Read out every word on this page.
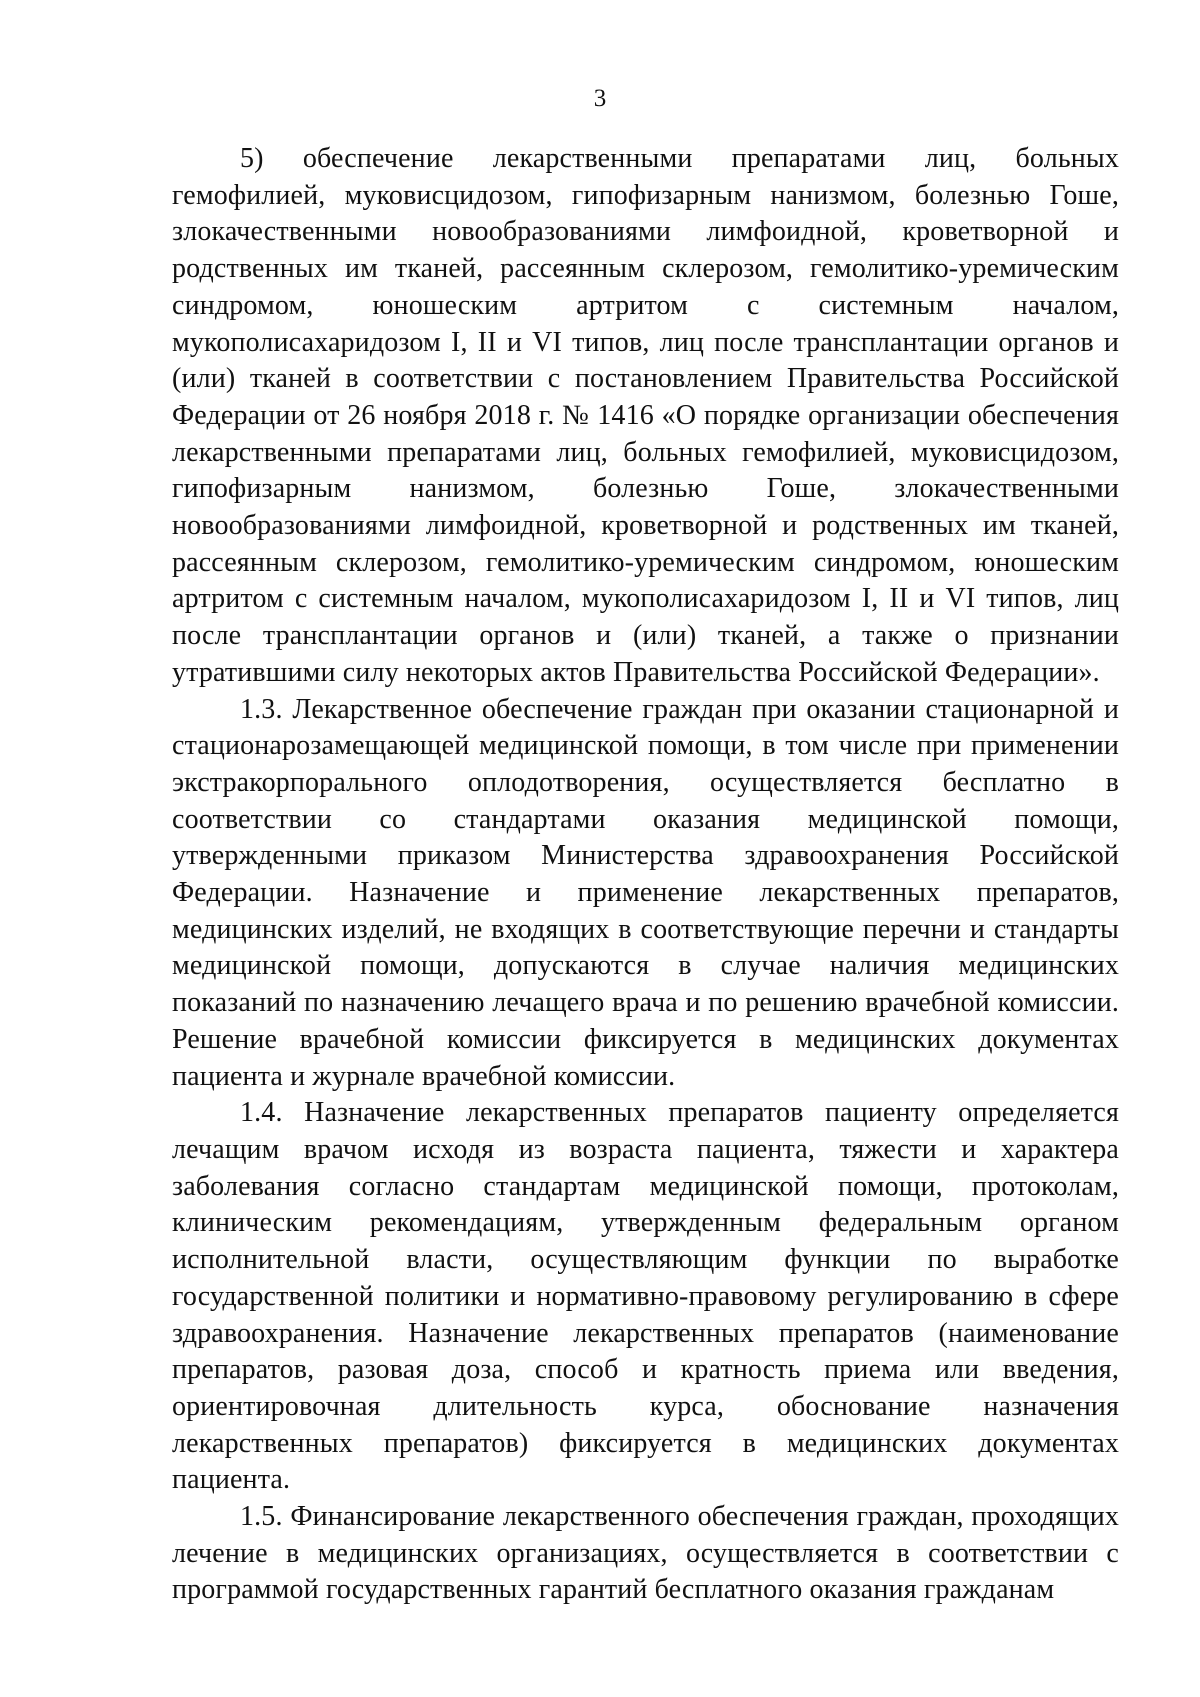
3

5) обеспечение лекарственными препаратами лиц, больных гемофилией, муковисцидозом, гипофизарным нанизмом, болезнью Гоше, злокачественными новообразованиями лимфоидной, кроветворной и родственных им тканей, рассеянным склерозом, гемолитико-уремическим синдромом, юношеским артритом с системным началом, мукополисахаридозом I, II и VI типов, лиц после трансплантации органов и (или) тканей в соответствии с постановлением Правительства Российской Федерации от 26 ноября 2018 г. № 1416 «О порядке организации обеспечения лекарственными препаратами лиц, больных гемофилией, муковисцидозом, гипофизарным нанизмом, болезнью Гоше, злокачественными новообразованиями лимфоидной, кроветворной и родственных им тканей, рассеянным склерозом, гемолитико-уремическим синдромом, юношеским артритом с системным началом, мукополисахаридозом I, II и VI типов, лиц после трансплантации органов и (или) тканей, а также о признании утратившими силу некоторых актов Правительства Российской Федерации».

1.3. Лекарственное обеспечение граждан при оказании стационарной и стационарозамещающей медицинской помощи, в том числе при применении экстракорпорального оплодотворения, осуществляется бесплатно в соответствии со стандартами оказания медицинской помощи, утвержденными приказом Министерства здравоохранения Российской Федерации. Назначение и применение лекарственных препаратов, медицинских изделий, не входящих в соответствующие перечни и стандарты медицинской помощи, допускаются в случае наличия медицинских показаний по назначению лечащего врача и по решению врачебной комиссии. Решение врачебной комиссии фиксируется в медицинских документах пациента и журнале врачебной комиссии.

1.4. Назначение лекарственных препаратов пациенту определяется лечащим врачом исходя из возраста пациента, тяжести и характера заболевания согласно стандартам медицинской помощи, протоколам, клиническим рекомендациям, утвержденным федеральным органом исполнительной власти, осуществляющим функции по выработке государственной политики и нормативно-правовому регулированию в сфере здравоохранения. Назначение лекарственных препаратов (наименование препаратов, разовая доза, способ и кратность приема или введения, ориентировочная длительность курса, обоснование назначения лекарственных препаратов) фиксируется в медицинских документах пациента.

1.5. Финансирование лекарственного обеспечения граждан, проходящих лечение в медицинских организациях, осуществляется в соответствии с программой государственных гарантий бесплатного оказания гражданам
